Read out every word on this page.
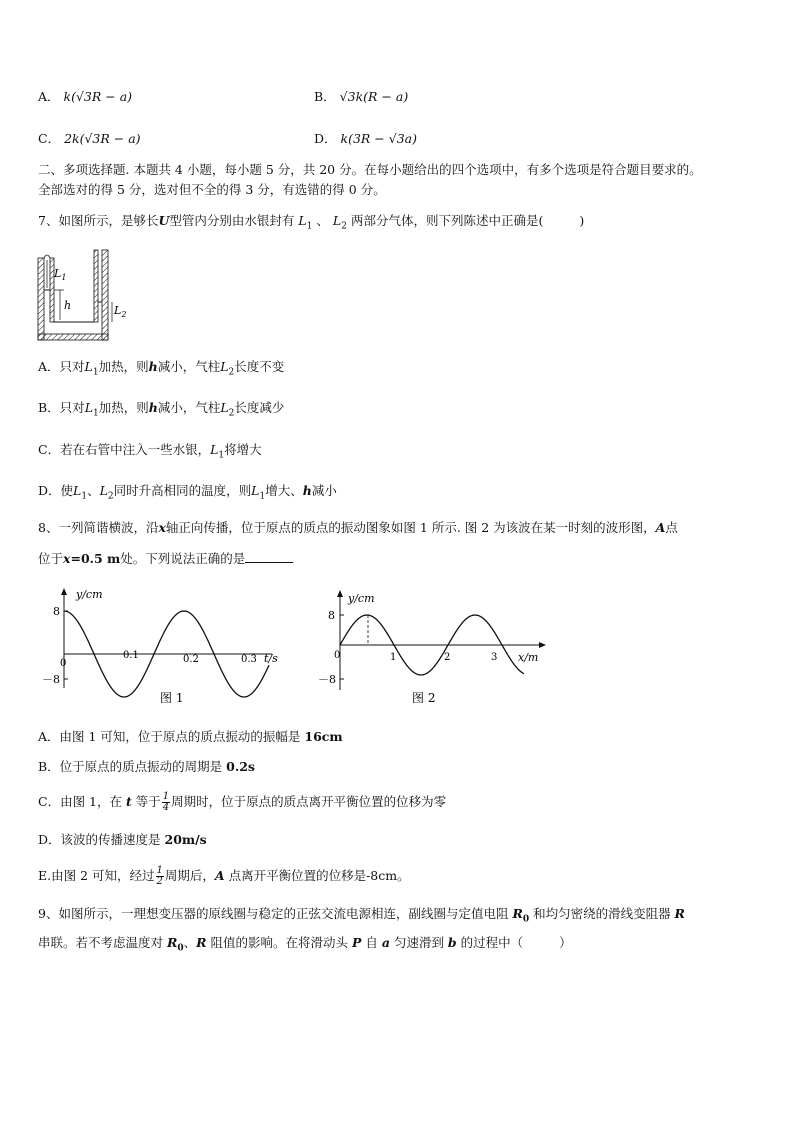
A． k(√3R − a)	B． √3k(R − a)
C． 2k(√3R − a)	D． k(3R − √3a)
二、多项选择题. 本题共 4 小题，每小题 5 分，共 20 分。在每小题给出的四个选项中，有多个选项是符合题目要求的。
全部选对的得 5 分，选对但不全的得 3 分，有选错的得 0 分。
7、如图所示，是够长U型管内分别由水银封有 $L_1$ 、 $L_2$ 两部分气体，则下列陈述中正确是(	)
$L_1$
h	$L_2$
A．只对$L_1$加热，则h减小，气柱$L_2$长度不变
B．只对$L_1$加热，则h减小，气柱$L_2$长度减少
C．若在右管中注入一些水银，$L_1$将增大
D．使$L_1$、$L_2$同时升高相同的温度，则$L_1$增大、h减小
8、一列简谐横波，沿x轴正向传播，位于原点的质点的振动图象如图 1 所示. 图 2 为该波在某一时刻的波形图，A点
位于x=0.5 m处。下列说法正确的是
y/cm
8
－8
0
0.1	0.2	0.3 t/s
图 1
y/cm
8
－8
0	1	2	3 x/m
图 2
A．由图 1 可知，位于原点的质点振动的振幅是 16cm
B．位于原点的质点振动的周期是 0.2s
C．由图 1，在 t 等于 $\frac{1}{4}$ 周期时，位于原点的质点离开平衡位置的位移为零
D．该波的传播速度是 20m/s
E.由图 2 可知，经过 $\frac{1}{2}$ 周期后，A 点离开平衡位置的位移是-8cm。
9、如图所示，一理想变压器的原线圈与稳定的正弦交流电源相连，副线圈与定值电阻 $R_0$ 和均匀密绕的滑线变阻器 R
串联。若不考虑温度对 $R_0$、R 阻值的影响。在将滑动头 P 自 a 匀速滑到 b 的过程中（	）
